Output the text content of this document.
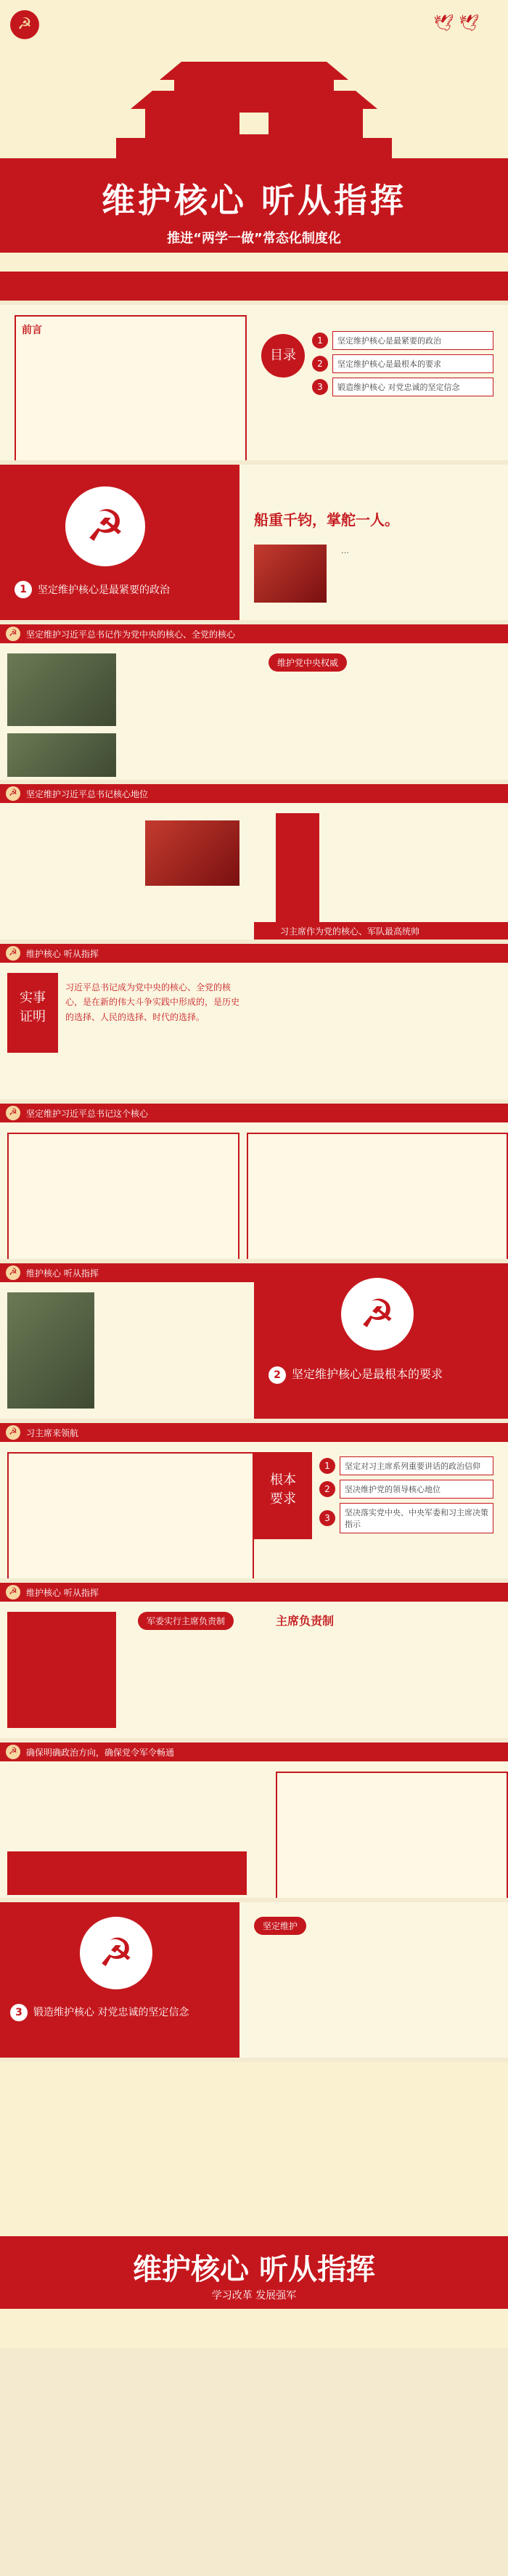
☭	🕊 🕊
维护核心 听从指挥
推进“两学一做”常态化制度化
前言
目录
1	坚定维护核心是最紧要的政治
2	坚定维护核心是最根本的要求
3	锻造维护核心 对党忠诚的坚定信念
☭
1	坚定维护核心是最紧要的政治
船重千钧，掌舵一人。
…
☭	坚定维护习近平总书记作为党中央的核心、全党的核心
维护党中央权威
☭	坚定维护习近平总书记核心地位
习主席作为党的核心、军队最高统帅
☭	维护核心 听从指挥
实事
证明
习近平总书记成为党中央的核心、全党的核心，是在新的伟大斗争实践中形成的，是历史的选择、人民的选择、时代的选择。
☭	坚定维护习近平总书记这个核心
☭	维护核心 听从指挥
☭
2 坚定维护核心是最根本的要求
☭	习主席来领航
根本
要求
1	坚定对习主席系列重要讲话的政治信仰
2	坚决维护党的领导核心地位
3
坚决落实党中央、中央军委和习主席决策指示
☭	维护核心 听从指挥
军委实行主席负责制	主席负责制
☭	确保明确政治方向，确保党令军令畅通
☭
3 锻造维护核心 对党忠诚的坚定信念
坚定维护
维护核心 听从指挥
学习改革 发展强军
